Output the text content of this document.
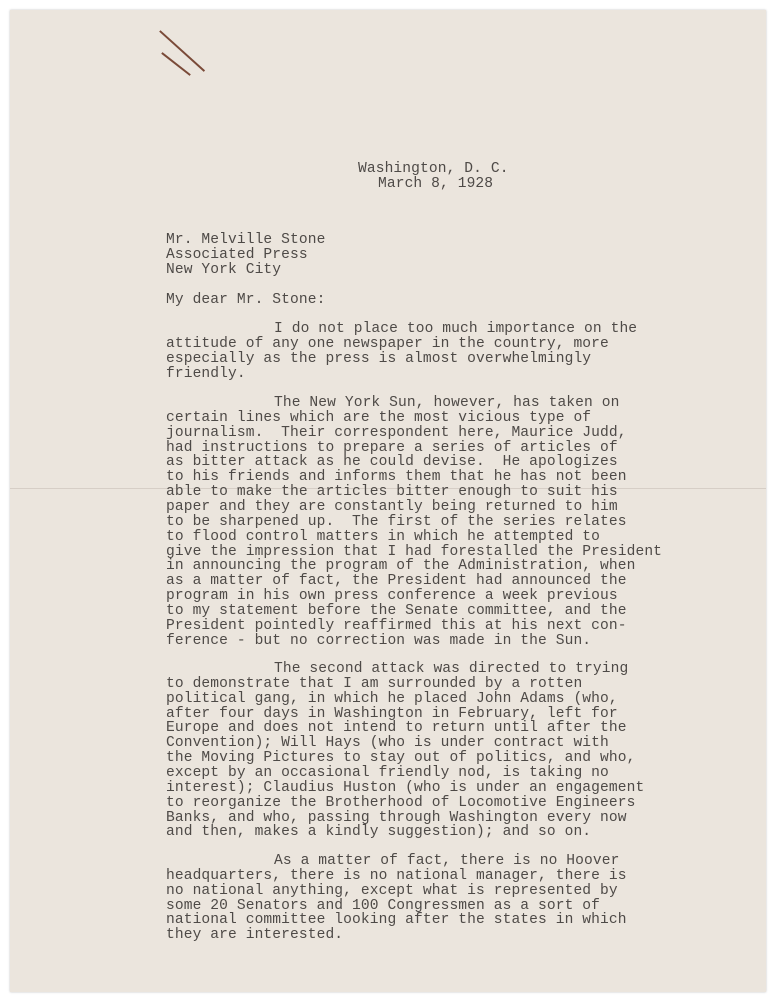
Washington, D. C.
March 8, 1928
Mr. Melville Stone
Associated Press
New York City
My dear Mr. Stone:
I do not place too much importance on the
attitude of any one newspaper in the country, more
especially as the press is almost overwhelmingly
friendly.
The New York Sun, however, has taken on
certain lines which are the most vicious type of
journalism.  Their correspondent here, Maurice Judd,
had instructions to prepare a series of articles of
as bitter attack as he could devise.  He apologizes
to his friends and informs them that he has not been
able to make the articles bitter enough to suit his
paper and they are constantly being returned to him
to be sharpened up.  The first of the series relates
to flood control matters in which he attempted to
give the impression that I had forestalled the President
in announcing the program of the Administration, when
as a matter of fact, the President had announced the
program in his own press conference a week previous
to my statement before the Senate committee, and the
President pointedly reaffirmed this at his next con-
ference - but no correction was made in the Sun.
The second attack was directed to trying
to demonstrate that I am surrounded by a rotten
political gang, in which he placed John Adams (who,
after four days in Washington in February, left for
Europe and does not intend to return until after the
Convention); Will Hays (who is under contract with
the Moving Pictures to stay out of politics, and who,
except by an occasional friendly nod, is taking no
interest); Claudius Huston (who is under an engagement
to reorganize the Brotherhood of Locomotive Engineers
Banks, and who, passing through Washington every now
and then, makes a kindly suggestion); and so on.
As a matter of fact, there is no Hoover
headquarters, there is no national manager, there is
no national anything, except what is represented by
some 20 Senators and 100 Congressmen as a sort of
national committee looking after the states in which
they are interested.
